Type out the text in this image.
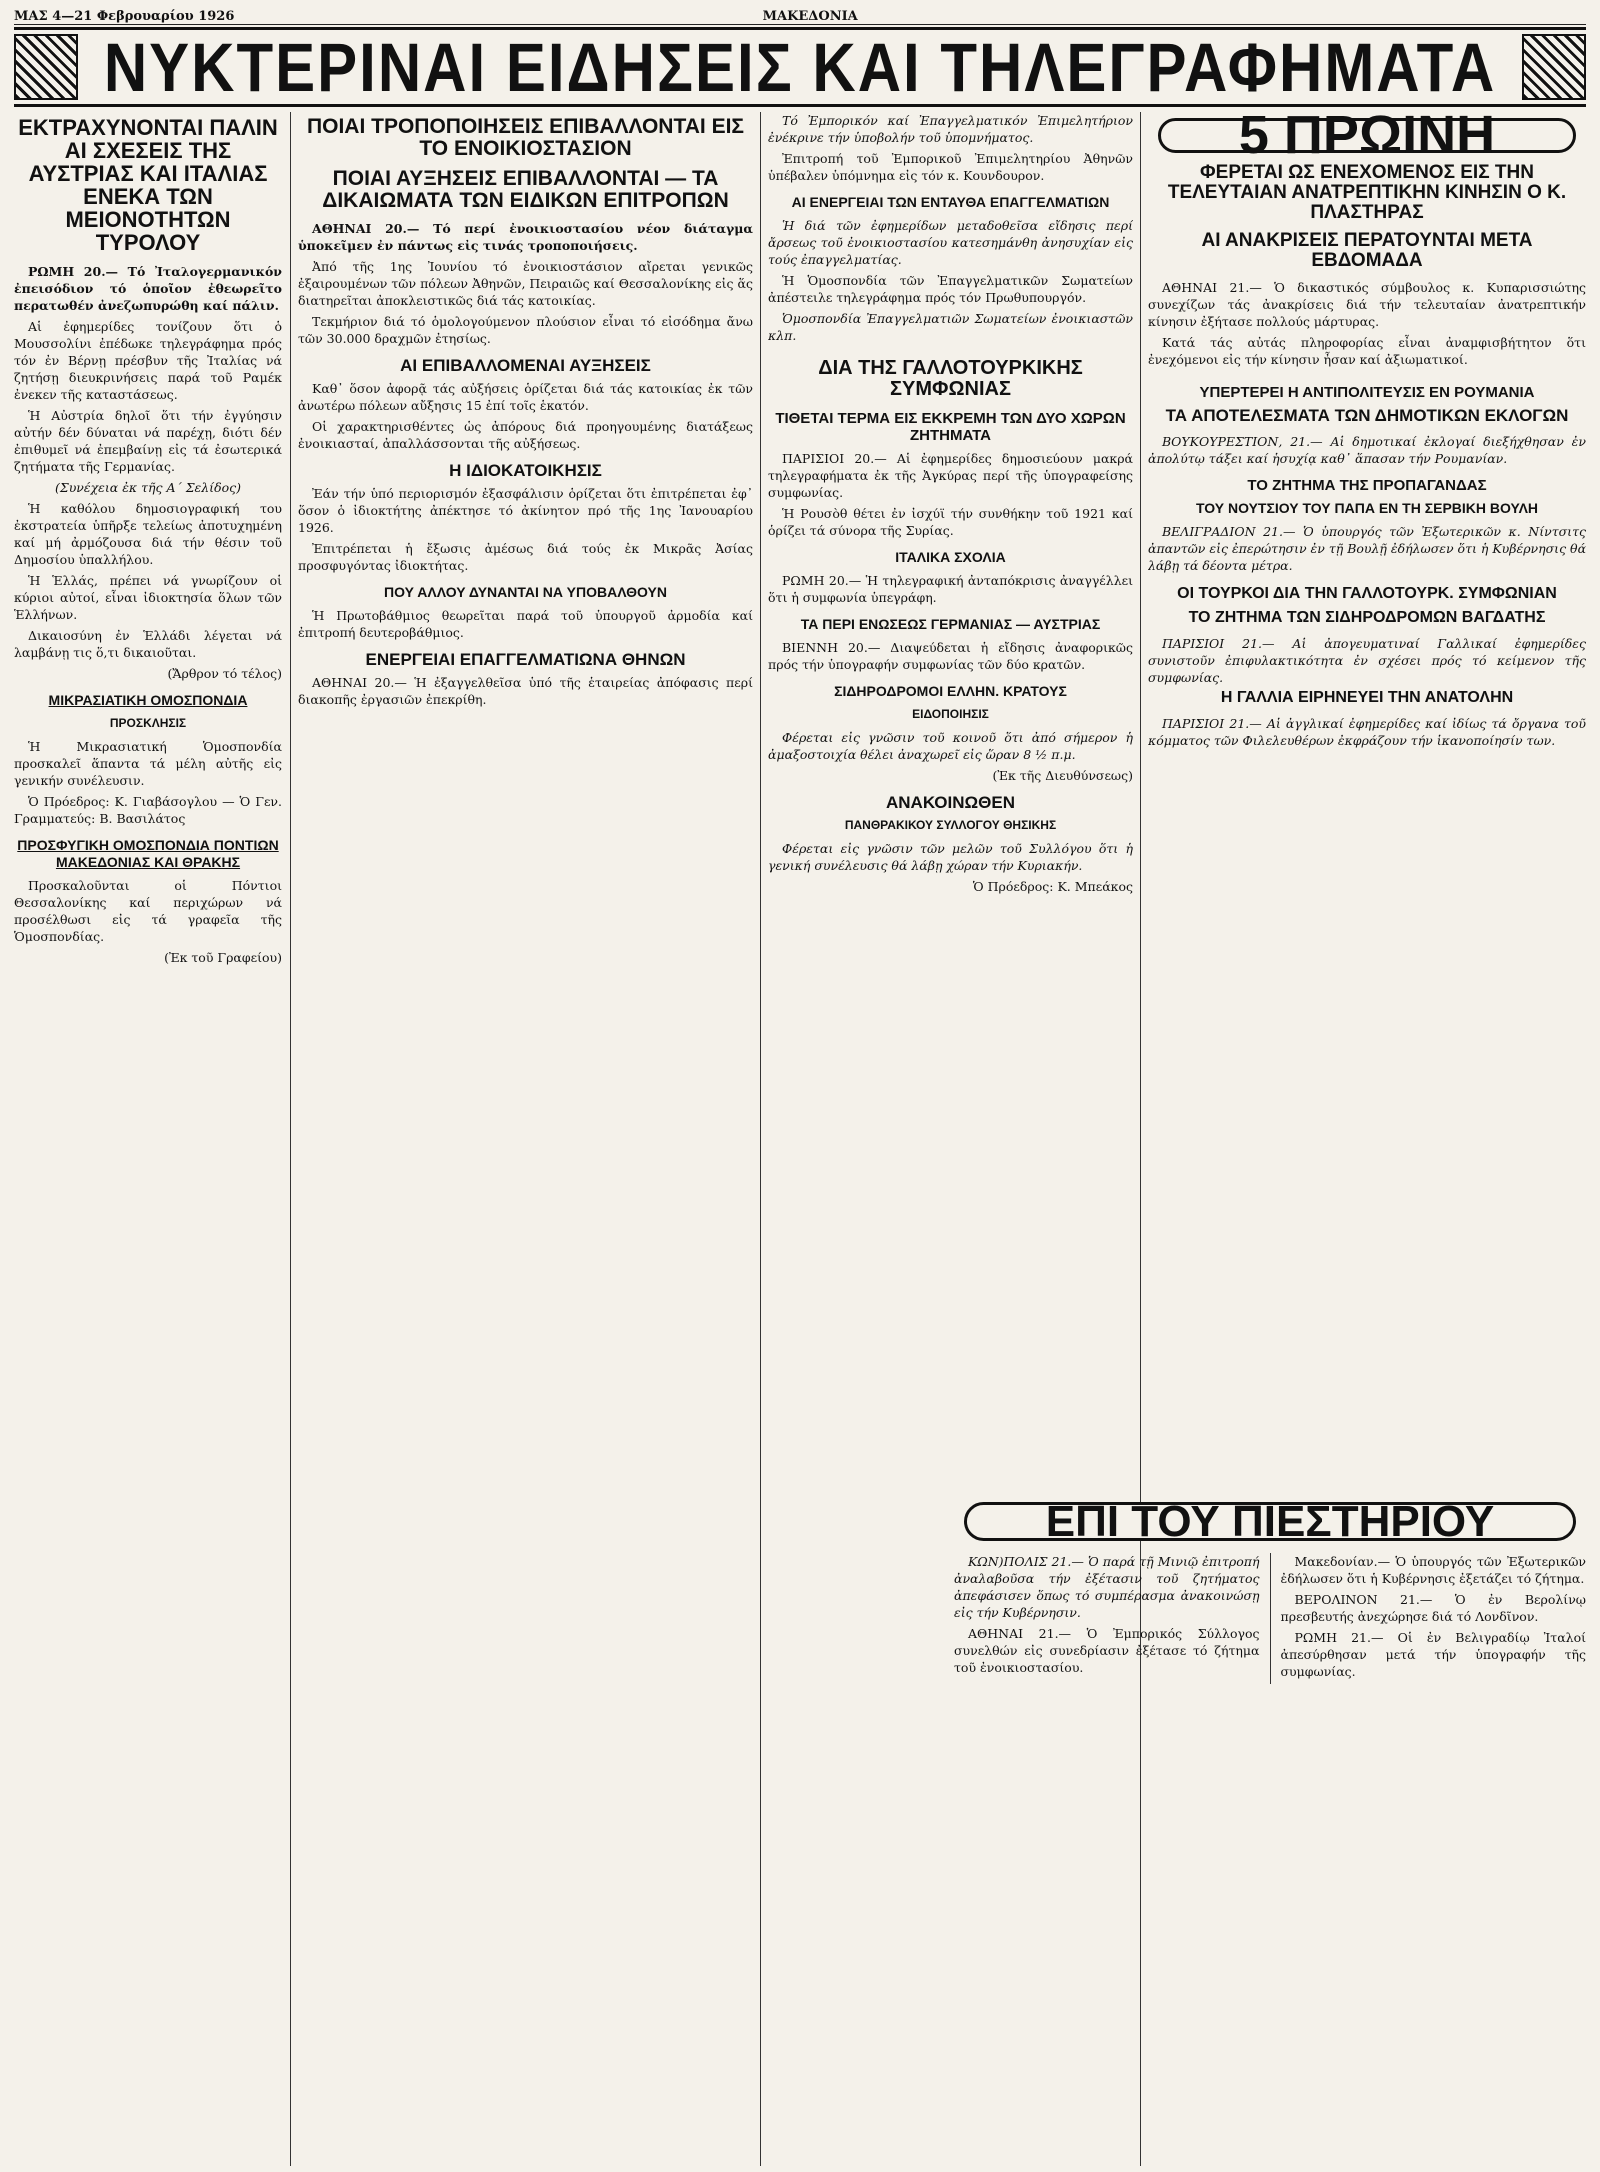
ΜΑΣ 4—21 Φεβρουαρίου 1926	ΜΑΚΕΔΟΝΙΑ
ΝΥΚΤΕΡΙΝΑΙ ΕΙΔΗΣΕΙΣ ΚΑΙ ΤΗΛΕΓΡΑΦΗΜΑΤΑ
ΕΚΤΡΑΧΥΝΟΝΤΑΙ ΠΑΛΙΝ ΑΙ ΣΧΕΣΕΙΣ ΤΗΣ ΑΥΣΤΡΙΑΣ ΚΑΙ ΙΤΑΛΙΑΣ ΕΝΕΚΑ ΤΩΝ ΜΕΙΟΝΟΤΗΤΩΝ ΤΥΡΟΛΟΥ

ΡΩΜΗ 20.— Τό Ἰταλογερμανικόν ἐπεισόδιον τό ὁποῖον ἐθεωρεῖτο περατωθέν ἀνεζωπυρώθη καί πάλιν.

Αἱ ἐφημερίδες τονίζουν ὅτι ὁ Μουσσολίνι ἐπέδωκε τηλεγράφημα πρός τόν ἐν Βέρνῃ πρέσβυν τῆς Ἰταλίας νά ζητήσῃ διευκρινήσεις παρά τοῦ Ραμέκ ἐνεκεν τῆς καταστάσεως.

Ἡ Αὐστρία δηλοῖ ὅτι τήν ἐγγύησιν αὐτήν δέν δύναται νά παρέχῃ, διότι δέν ἐπιθυμεῖ νά ἐπεμβαίνῃ εἰς τά ἐσωτερικά ζητήματα τῆς Γερμανίας.

(Συνέχεια ἐκ τῆς Α΄ Σελίδος)

Ἡ καθόλου δημοσιογραφική του ἐκστρατεία ὑπῆρξε τελείως ἀποτυχημένη καί μή ἀρμόζουσα διά τήν θέσιν τοῦ Δημοσίου ὑπαλλήλου.

Ἡ Ἑλλάς, πρέπει νά γνωρίζουν οἱ κύριοι αὐτοί, εἶναι ἰδιοκτησία ὅλων τῶν Ἑλλήνων.

Δικαιοσύνη ἐν Ἑλλάδι λέγεται νά λαμβάνῃ τις ὅ,τι δικαιοῦται.

(Ἄρθρον τό τέλος)

ΜΙΚΡΑΣΙΑΤΙΚΗ ΟΜΟΣΠΟΝΔΙΑ
ΠΡΟΣΚΛΗΣΙΣ

Ἡ Μικρασιατική Ὁμοσπονδία προσκαλεῖ ἅπαντα τά μέλη αὐτῆς εἰς γενικήν συνέλευσιν.

Ὁ Πρόεδρος: Κ. Γιαβάσογλου — Ὁ Γεν. Γραμματεύς: Β. Βασιλάτος

ΠΡΟΣΦΥΓΙΚΗ ΟΜΟΣΠΟΝΔΙΑ ΠΟΝΤΙΩΝ ΜΑΚΕΔΟΝΙΑΣ ΚΑΙ ΘΡΑΚΗΣ

Προσκαλοῦνται οἱ Πόντιοι Θεσσαλονίκης καί περιχώρων νά προσέλθωσι εἰς τά γραφεῖα τῆς Ὁμοσπονδίας.

(Ἐκ τοῦ Γραφείου)

ΠΟΙΑΙ ΤΡΟΠΟΠΟΙΗΣΕΙΣ ΕΠΙΒΑΛΛΟΝΤΑΙ ΕΙΣ ΤΟ ΕΝΟΙΚΙΟΣΤΑΣΙΟΝ
ΠΟΙΑΙ ΑΥΞΗΣΕΙΣ ΕΠΙΒΑΛΛΟΝΤΑΙ — ΤΑ ΔΙΚΑΙΩΜΑΤΑ ΤΩΝ ΕΙΔΙΚΩΝ ΕΠΙΤΡΟΠΩΝ

ΑΘΗΝΑΙ 20.— Τό περί ἐνοικιοστασίου νέον διάταγμα ὑποκεῖμεν ἐν πάντως εἰς τινάς τροποποιήσεις.

Ἀπό τῆς 1ης Ἰουνίου τό ἐνοικιοστάσιον αἴρεται γενικῶς ἐξαιρουμένων τῶν πόλεων Ἀθηνῶν, Πειραιῶς καί Θεσσαλονίκης εἰς ἅς διατηρεῖται ἀποκλειστικῶς διά τάς κατοικίας.

Τεκμήριον διά τό ὁμολογούμενον πλούσιον εἶναι τό εἰσόδημα ἄνω τῶν 30.000 δραχμῶν ἐτησίως.

ΑΙ ΕΠΙΒΑΛΛΟΜΕΝΑΙ ΑΥΞΗΣΕΙΣ

Καθ᾿ ὅσον ἀφορᾷ τάς αὐξήσεις ὁρίζεται διά τάς κατοικίας ἐκ τῶν ἀνωτέρω πόλεων αὔξησις 15 ἐπί τοῖς ἑκατόν.

Οἱ χαρακτηρισθέντες ὡς ἀπόρους διά προηγουμένης διατάξεως ἐνοικιασταί, ἀπαλλάσσονται τῆς αὐξήσεως.

Η ΙΔΙΟΚΑΤΟΙΚΗΣΙΣ

Ἐάν τήν ὑπό περιορισμόν ἐξασφάλισιν ὁρίζεται ὅτι ἐπιτρέπεται ἐφ᾿ ὅσον ὁ ἰδιοκτήτης ἀπέκτησε τό ἀκίνητον πρό τῆς 1ης Ἰανουαρίου 1926.

Ἐπιτρέπεται ἡ ἔξωσις ἀμέσως διά τούς ἐκ Μικρᾶς Ἀσίας προσφυγόντας ἰδιοκτήτας.

ΠΟΥ ΑΛΛΟΥ ΔΥΝΑΝΤΑΙ ΝΑ ΥΠΟΒΑΛΘΟΥΝ

Ἡ Πρωτοβάθμιος θεωρεῖται παρά τοῦ ὑπουργοῦ ἀρμοδία καί ἐπιτροπή δευτεροβάθμιος.

ΕΝΕΡΓΕΙΑΙ ΕΠΑΓΓΕΛΜΑΤΙΩΝΑ ΘΗΝΩΝ

ΑΘΗΝΑΙ 20.— Ἡ ἐξαγγελθεῖσα ὑπό τῆς ἑταιρείας ἀπόφασις περί διακοπῆς ἐργασιῶν ἐπεκρίθη.

Τό Ἐμπορικόν καί Ἐπαγγελματικόν Ἐπιμελητήριον ἐνέκρινε τήν ὑποβολήν τοῦ ὑπομνήματος.

Ἐπιτροπή τοῦ Ἐμπορικοῦ Ἐπιμελητηρίου Ἀθηνῶν ὑπέβαλεν ὑπόμνημα εἰς τόν κ. Κουνδουρον.

ΑΙ ΕΝΕΡΓΕΙΑΙ ΤΩΝ ΕΝΤΑΥΘΑ ΕΠΑΓΓΕΛΜΑΤΙΩΝ

Ἡ διά τῶν ἐφημερίδων μεταδοθεῖσα εἴδησις περί ἄρσεως τοῦ ἐνοικιοστασίου κατεσημάνθη ἀνησυχίαν εἰς τούς ἐπαγγελματίας.

Ἡ Ὁμοσπονδία τῶν Ἐπαγγελματικῶν Σωματείων ἀπέστειλε τηλεγράφημα πρός τόν Πρωθυπουργόν.

Ὁμοσπονδία Ἐπαγγελματιῶν Σωματείων ἐνοικιαστῶν κλπ.

ΔΙΑ ΤΗΣ ΓΑΛΛΟΤΟΥΡΚΙΚΗΣ ΣΥΜΦΩΝΙΑΣ
ΤΙΘΕΤΑΙ ΤΕΡΜΑ ΕΙΣ ΕΚΚΡΕΜΗ ΤΩΝ ΔΥΟ ΧΩΡΩΝ ΖΗΤΗΜΑΤΑ

ΠΑΡΙΣΙΟΙ 20.— Αἱ ἐφημερίδες δημοσιεύουν μακρά τηλεγραφήματα ἐκ τῆς Ἀγκύρας περί τῆς ὑπογραφείσης συμφωνίας.

Ἡ Ρουσὸθ θέτει ἐν ἰσχύϊ τήν συνθήκην τοῦ 1921 καί ὁρίζει τά σύνορα τῆς Συρίας.

ΙΤΑΛΙΚΑ ΣΧΟΛΙΑ

ΡΩΜΗ 20.— Ἡ τηλεγραφική ἀνταπόκρισις ἀναγγέλλει ὅτι ἡ συμφωνία ὑπεγράφη.

ΤΑ ΠΕΡΙ ΕΝΩΣΕΩΣ ΓΕΡΜΑΝΙΑΣ — ΑΥΣΤΡΙΑΣ

ΒΙΕΝΝΗ 20.— Διαψεύδεται ἡ εἴδησις ἀναφορικῶς πρός τήν ὑπογραφήν συμφωνίας τῶν δύο κρατῶν.

ΣΙΔΗΡΟΔΡΟΜΟΙ ΕΛΛΗΝ. ΚΡΑΤΟΥΣ
ΕΙΔΟΠΟΙΗΣΙΣ

Φέρεται εἰς γνῶσιν τοῦ κοινοῦ ὅτι ἀπό σήμερον ἡ ἀμαξοστοιχία θέλει ἀναχωρεῖ εἰς ὥραν 8 ½ π.μ.

(Ἐκ τῆς Διευθύνσεως)

ΑΝΑΚΟΙΝΩΘΕΝ
ΠΑΝΘΡΑΚΙΚΟΥ ΣΥΛΛΟΓΟΥ ΘΗΣΙΚΗΣ

Φέρεται εἰς γνῶσιν τῶν μελῶν τοῦ Συλλόγου ὅτι ἡ γενική συνέλευσις θά λάβῃ χώραν τήν Κυριακήν.

Ὁ Πρόεδρος: Κ. Μπεάκος

5 ΠΡΩΙΝΗ
ΦΕΡΕΤΑΙ ΩΣ ΕΝΕΧΟΜΕΝΟΣ ΕΙΣ ΤΗΝ ΤΕΛΕΥΤΑΙΑΝ ΑΝΑΤΡΕΠΤΙΚΗΝ ΚΙΝΗΣΙΝ Ο Κ. ΠΛΑΣΤΗΡΑΣ
ΑΙ ΑΝΑΚΡΙΣΕΙΣ ΠΕΡΑΤΟΥΝΤΑΙ ΜΕΤΑ ΕΒΔΟΜΑΔΑ

ΑΘΗΝΑΙ 21.— Ὁ δικαστικός σύμβουλος κ. Κυπαρισσιώτης συνεχίζων τάς ἀνακρίσεις διά τήν τελευταίαν ἀνατρεπτικήν κίνησιν ἐξήτασε πολλούς μάρτυρας.

Κατά τάς αὐτάς πληροφορίας εἶναι ἀναμφισβήτητον ὅτι ἐνεχόμενοι εἰς τήν κίνησιν ἦσαν καί ἀξιωματικοί.

ΥΠΕΡΤΕΡΕΙ Η ΑΝΤΙΠΟΛΙΤΕΥΣΙΣ ΕΝ ΡΟΥΜΑΝΙΑ
ΤΑ ΑΠΟΤΕΛΕΣΜΑΤΑ ΤΩΝ ΔΗΜΟΤΙΚΩΝ ΕΚΛΟΓΩΝ

ΒΟΥΚΟΥΡΕΣΤΙΟΝ, 21.— Αἱ δημοτικαί ἐκλογαί διεξήχθησαν ἐν ἀπολύτῳ τάξει καί ἡσυχίᾳ καθ᾿ ἅπασαν τήν Ρουμανίαν.

ΤΟ ΖΗΤΗΜΑ ΤΗΣ ΠΡΟΠΑΓΑΝΔΑΣ
ΤΟΥ ΝΟΥΤΣΙΟΥ ΤΟΥ ΠΑΠΑ ΕΝ ΤΗ ΣΕΡΒΙΚΗ ΒΟΥΛΗ

ΒΕΛΙΓΡΑΔΙΟΝ 21.— Ὁ ὑπουργός τῶν Ἐξωτερικῶν κ. Νίντσιτς ἀπαντῶν εἰς ἐπερώτησιν ἐν τῇ Βουλῇ ἐδήλωσεν ὅτι ἡ Κυβέρνησις θά λάβῃ τά δέοντα μέτρα.

ΟΙ ΤΟΥΡΚΟΙ ΔΙΑ ΤΗΝ ΓΑΛΛΟΤΟΥΡΚ. ΣΥΜΦΩΝΙΑΝ
ΤΟ ΖΗΤΗΜΑ ΤΩΝ ΣΙΔΗΡΟΔΡΟΜΩΝ ΒΑΓΔΑΤΗΣ

ΠΑΡΙΣΙΟΙ 21.— Αἱ ἀπογευματιναί Γαλλικαί ἐφημερίδες συνιστοῦν ἐπιφυλακτικότητα ἐν σχέσει πρός τό κείμενον τῆς συμφωνίας.

Η ΓΑΛΛΙΑ ΕΙΡΗΝΕΥΕΙ ΤΗΝ ΑΝΑΤΟΛΗΝ

ΠΑΡΙΣΙΟΙ 21.— Αἱ ἀγγλικαί ἐφημερίδες καί ἰδίως τά ὄργανα τοῦ κόμματος τῶν Φιλελευθέρων ἐκφράζουν τήν ἱκανοποίησίν των.

ΕΠΙ ΤΟΥ ΠΙΕΣΤΗΡΙΟΥ

ΚΩΝ)ΠΟΛΙΣ 21.— Ὁ παρά τῇ Μινιῷ ἐπιτροπή ἀναλαβοῦσα τήν ἐξέτασιν τοῦ ζητήματος ἀπεφάσισεν ὅπως τό συμπέρασμα ἀνακοινώσῃ εἰς τήν Κυβέρνησιν.

ΑΘΗΝΑΙ 21.— Ὁ Ἐμπορικός Σύλλογος συνελθών εἰς συνεδρίασιν ἐξέτασε τό ζήτημα τοῦ ἐνοικιοστασίου.

Μακεδονίαν.— Ὁ ὑπουργός τῶν Ἐξωτερικῶν ἐδήλωσεν ὅτι ἡ Κυβέρνησις ἐξετάζει τό ζήτημα.

ΒΕΡΟΛΙΝΟΝ 21.— Ὁ ἐν Βερολίνῳ πρεσβευτής ἀνεχώρησε διά τό Λονδῖνον.

ΡΩΜΗ 21.— Οἱ ἐν Βελιγραδίῳ Ἰταλοί ἀπεσύρθησαν μετά τήν ὑπογραφήν τῆς συμφωνίας.
